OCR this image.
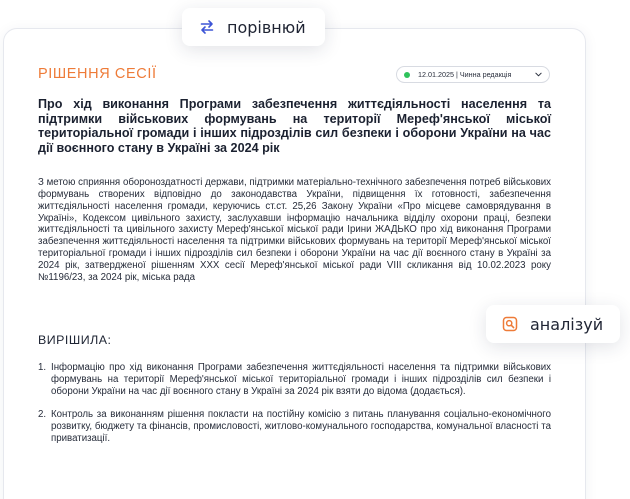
порівнюй
РІШЕННЯ СЕСІЇ	12.01.2025 | Чинна редакція

Про хід виконання Програми забезпечення життєдіяльності населення та підтримки військових формувань на території Мереф'янської міської територіальної громади і інших підрозділів сил безпеки і оборони України на час дії воєнного стану в Україні за 2024 рік

З метою сприяння обороноздатності держави, підтримки матеріально-технічного забезпечення потреб військових формувань створених відповідно до законодавства України, підвищення їх готовності, забезпечення життєдіяльності населення громади, керуючись ст.ст. 25,26 Закону України «Про місцеве самоврядування в Україні», Кодексом цивільного захисту, заслухавши інформацію начальника відділу охорони праці, безпеки життєдіяльності та цивільного захисту Мереф'янської міської ради Ірини ЖАДЬКО про хід виконання Програми забезпечення життєдіяльності населення та підтримки військових формувань на території Мереф'янської міської територіальної громади і інших підрозділів сил безпеки і оборони України на час дії воєнного стану в Україні за 2024 рік, затвердженої рішенням XXX сесії Мереф'янської міської ради VIII скликання від 10.02.2023 року №1196/23, за 2024 рік, міська рада

аналізуй
ВИРІШИЛА:
1. Інформацію про хід виконання Програми забезпечення життєдіяльності населення та підтримки військових формувань на території Мереф'янської міської територіальної громади і інших підрозділів сил безпеки і оборони України на час дії воєнного стану в Україні за 2024 рік взяти до відома (додається).
2. Контроль за виконанням рішення покласти на постійну комісію з питань планування соціально-економічного розвитку, бюджету та фінансів, промисловості, житлово-комунального господарства, комунальної власності та приватизації.
